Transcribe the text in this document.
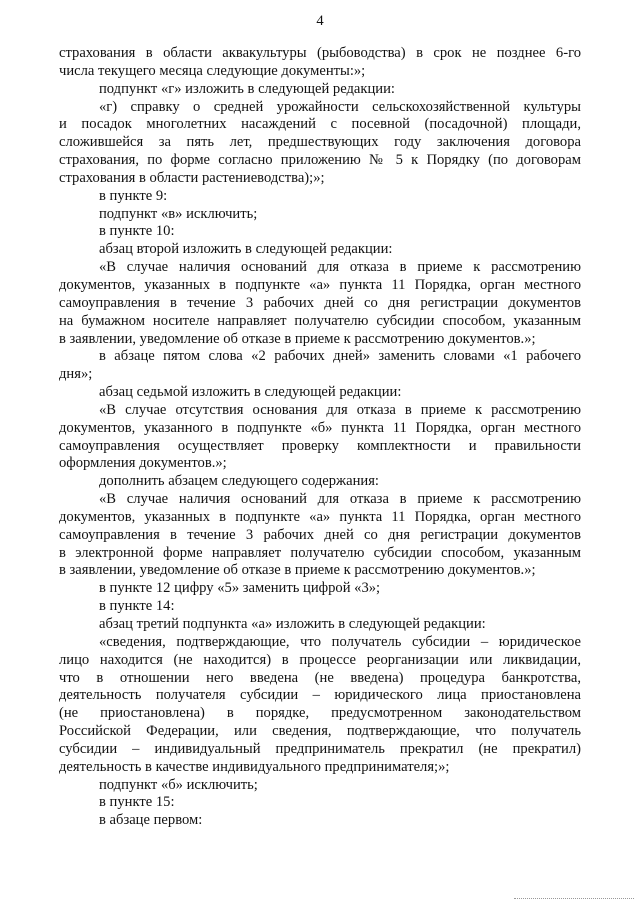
4
страхования в области аквакультуры (рыбоводства) в срок не позднее 6-го
числа текущего месяца следующие документы:»;
подпункт «г» изложить в следующей редакции:
«г) справку о средней урожайности сельскохозяйственной культуры
и посадок многолетних насаждений с посевной (посадочной) площади,
сложившейся за пять лет, предшествующих году заключения договора
страхования, по форме согласно приложению № 5 к Порядку (по договорам
страхования в области растениеводства);»;
в пункте 9:
подпункт «в» исключить;
в пункте 10:
абзац второй изложить в следующей редакции:
«В случае наличия оснований для отказа в приеме к рассмотрению
документов, указанных в подпункте «а» пункта 11 Порядка, орган местного
самоуправления в течение 3 рабочих дней со дня регистрации документов
на бумажном носителе направляет получателю субсидии способом, указанным
в заявлении, уведомление об отказе в приеме к рассмотрению документов.»;
в абзаце пятом слова «2 рабочих дней» заменить словами «1 рабочего
дня»;
абзац седьмой изложить в следующей редакции:
«В случае отсутствия основания для отказа в приеме к рассмотрению
документов, указанного в подпункте «б» пункта 11 Порядка, орган местного
самоуправления осуществляет проверку комплектности и правильности
оформления документов.»;
дополнить абзацем следующего содержания:
«В случае наличия оснований для отказа в приеме к рассмотрению
документов, указанных в подпункте «а» пункта 11 Порядка, орган местного
самоуправления в течение 3 рабочих дней со дня регистрации документов
в электронной форме направляет получателю субсидии способом, указанным
в заявлении, уведомление об отказе в приеме к рассмотрению документов.»;
в пункте 12 цифру «5» заменить цифрой «3»;
в пункте 14:
абзац третий подпункта «а» изложить в следующей редакции:
«сведения, подтверждающие, что получатель субсидии – юридическое
лицо находится (не находится) в процессе реорганизации или ликвидации,
что в отношении него введена (не введена) процедура банкротства,
деятельность получателя субсидии – юридического лица приостановлена
(не приостановлена) в порядке, предусмотренном законодательством
Российской Федерации, или сведения, подтверждающие, что получатель
субсидии – индивидуальный предприниматель прекратил (не прекратил)
деятельность в качестве индивидуального предпринимателя;»;
подпункт «б» исключить;
в пункте 15:
в абзаце первом:
